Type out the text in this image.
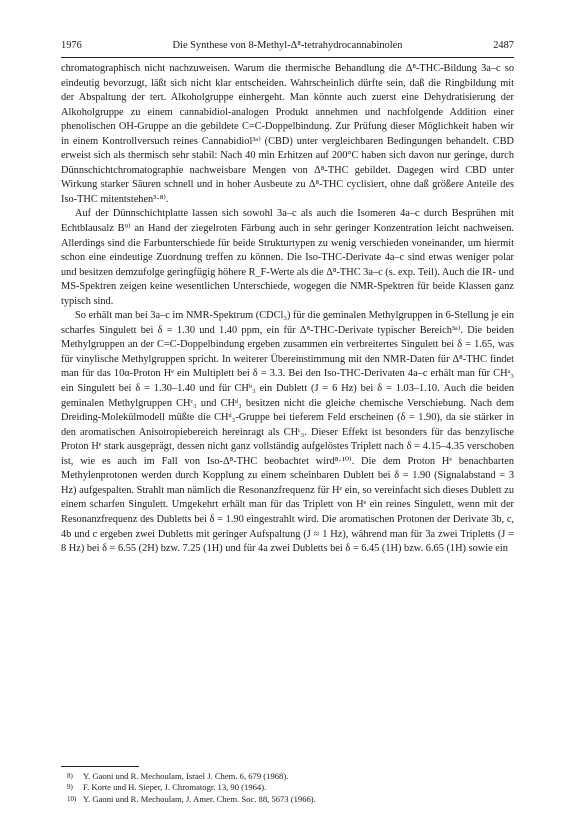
1976	Die Synthese von 8-Methyl-Δ⁸-tetrahydrocannabinolen	2487

chromatographisch nicht nachzuweisen. Warum die thermische Behandlung die Δ⁸-THC-Bildung 3a–c so eindeutig bevorzugt, läßt sich nicht klar entscheiden. Wahrscheinlich dürfte sein, daß die Ringbildung mit der Abspaltung der tert. Alkoholgruppe einhergeht. Man könnte auch zuerst eine Dehydratisierung der Alkoholgruppe zu einem cannabidiol-analogen Produkt annehmen und nachfolgende Addition einer phenolischen OH-Gruppe an die gebildete C=C-Doppelbindung. Zur Prüfung dieser Möglichkeit haben wir in einem Kontrollversuch reines Cannabidiol³ᵃ⁾ (CBD) unter vergleichbaren Bedingungen behandelt. CBD erweist sich als thermisch sehr stabil: Nach 40 min Erhitzen auf 200°C haben sich davon nur geringe, durch Dünnschichtchromatographie nachweisbare Mengen von Δ⁸-THC gebildet. Dagegen wird CBD unter Wirkung starker Säuren schnell und in hoher Ausbeute zu Δ⁸-THC cyclisiert, ohne daß größere Anteile des Iso-THC mitentstehen³·⁸⁾.

Auf der Dünnschichtplatte lassen sich sowohl 3a–c als auch die Isomeren 4a–c durch Besprühen mit Echtblausalz B⁹⁾ an Hand der ziegelroten Färbung auch in sehr geringer Konzentration leicht nachweisen. Allerdings sind die Farbunterschiede für beide Strukturtypen zu wenig verschieden voneinander, um hiermit schon eine eindeutige Zuordnung treffen zu können. Die Iso-THC-Derivate 4a–c sind etwas weniger polar und besitzen demzufolge geringfügig höhere R_F-Werte als die Δ⁸-THC 3a–c (s. exp. Teil). Auch die IR- und MS-Spektren zeigen keine wesentlichen Unterschiede, wogegen die NMR-Spektren für beide Klassen ganz typisch sind.

So erhält man bei 3a–c im NMR-Spektrum (CDCl₃) für die geminalen Methylgruppen in 6-Stellung je ein scharfes Singulett bei δ = 1.30 und 1.40 ppm, ein für Δ⁸-THC-Derivate typischer Bereich³ᵃ⁾. Die beiden Methylgruppen an der C=C-Doppelbindung ergeben zusammen ein verbreitertes Singulett bei δ = 1.65, was für vinylische Methylgruppen spricht. In weiterer Übereinstimmung mit den NMR-Daten für Δ⁸-THC findet man für das 10α-Proton Hᵉ ein Multiplett bei δ = 3.3. Bei den Iso-THC-Derivaten 4a–c erhält man für CHᵃ₃ ein Singulett bei δ = 1.30–1.40 und für CHᵇ₃ ein Dublett (J = 6 Hz) bei δ = 1.03–1.10. Auch die beiden geminalen Methylgruppen CHᶜ₃ und CHᵈ₃ besitzen nicht die gleiche chemische Verschiebung. Nach dem Dreiding-Molekülmodell müßte die CHᵈ₃-Gruppe bei tieferem Feld erscheinen (δ = 1.90), da sie stärker in den aromatischen Anisotropiebereich hereinragt als CHᶜ₃. Dieser Effekt ist besonders für das benzylische Proton Hᵉ stark ausgeprägt, dessen nicht ganz vollständig aufgelöstes Triplett nach δ = 4.15–4.35 verschoben ist, wie es auch im Fall von Iso-Δ⁸-THC beobachtet wird⁸·¹⁰⁾. Die dem Proton Hᵉ benachbarten Methylenprotonen werden durch Kopplung zu einem scheinbaren Dublett bei δ = 1.90 (Signalabstand = 3 Hz) aufgespalten. Strahlt man nämlich die Resonanzfrequenz für Hᵉ ein, so vereinfacht sich dieses Dublett zu einem scharfen Singulett. Umgekehrt erhält man für das Triplett von Hᵉ ein reines Singulett, wenn mit der Resonanzfrequenz des Dubletts bei δ = 1.90 eingestrahlt wird. Die aromatischen Protonen der Derivate 3b, c, 4b und c ergeben zwei Dubletts mit geringer Aufspaltung (J ≈ 1 Hz), während man für 3a zwei Tripletts (J = 8 Hz) bei δ = 6.55 (2H) bzw. 7.25 (1H) und für 4a zwei Dubletts bei δ = 6.45 (1H) bzw. 6.65 (1H) sowie ein

8) Y. Gaoni und R. Mechoulam, Israel J. Chem. 6, 679 (1968).
9) F. Korte und H. Sieper, J. Chromatogr. 13, 90 (1964).
10) Y. Gaoni und R. Mechoulam, J. Amer. Chem. Soc. 88, 5673 (1966).
